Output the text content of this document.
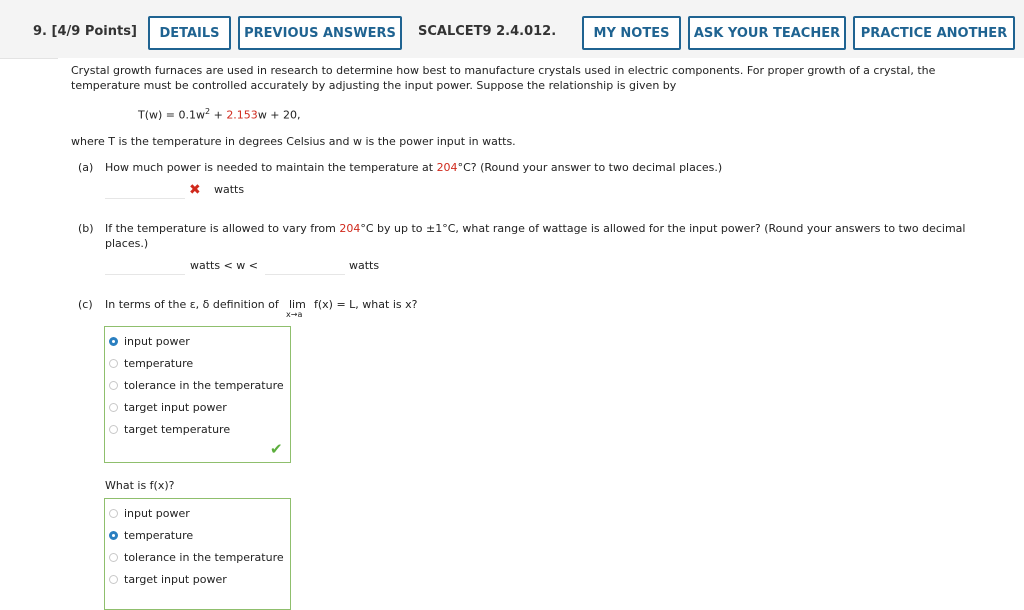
9. [4/9 Points]	DETAILS	PREVIOUS ANSWERS	SCALCET9 2.4.012.	MY NOTES	ASK YOUR TEACHER	PRACTICE ANOTHER
Crystal growth furnaces are used in research to determine how best to manufacture crystals used in electric components. For proper growth of a crystal, the
temperature must be controlled accurately by adjusting the input power. Suppose the relationship is given by
$T(w) = 0.1w^2 + 2.153w + 20$,
where T is the temperature in degrees Celsius and w is the power input in watts.
(a) How much power is needed to maintain the temperature at 204°C? (Round your answer to two decimal places.)
✖ watts
(b) If the temperature is allowed to vary from 204°C by up to ±1°C, what range of wattage is allowed for the input power? (Round your answers to two decimal
places.)
watts < w <	watts
(c) In terms of the ε, δ definition of lim
x→a
f(x) = L, what is x?
input power
temperature
tolerance in the temperature
target input power
target temperature
✔
What is f(x)?
input power
temperature
tolerance in the temperature
target input power
